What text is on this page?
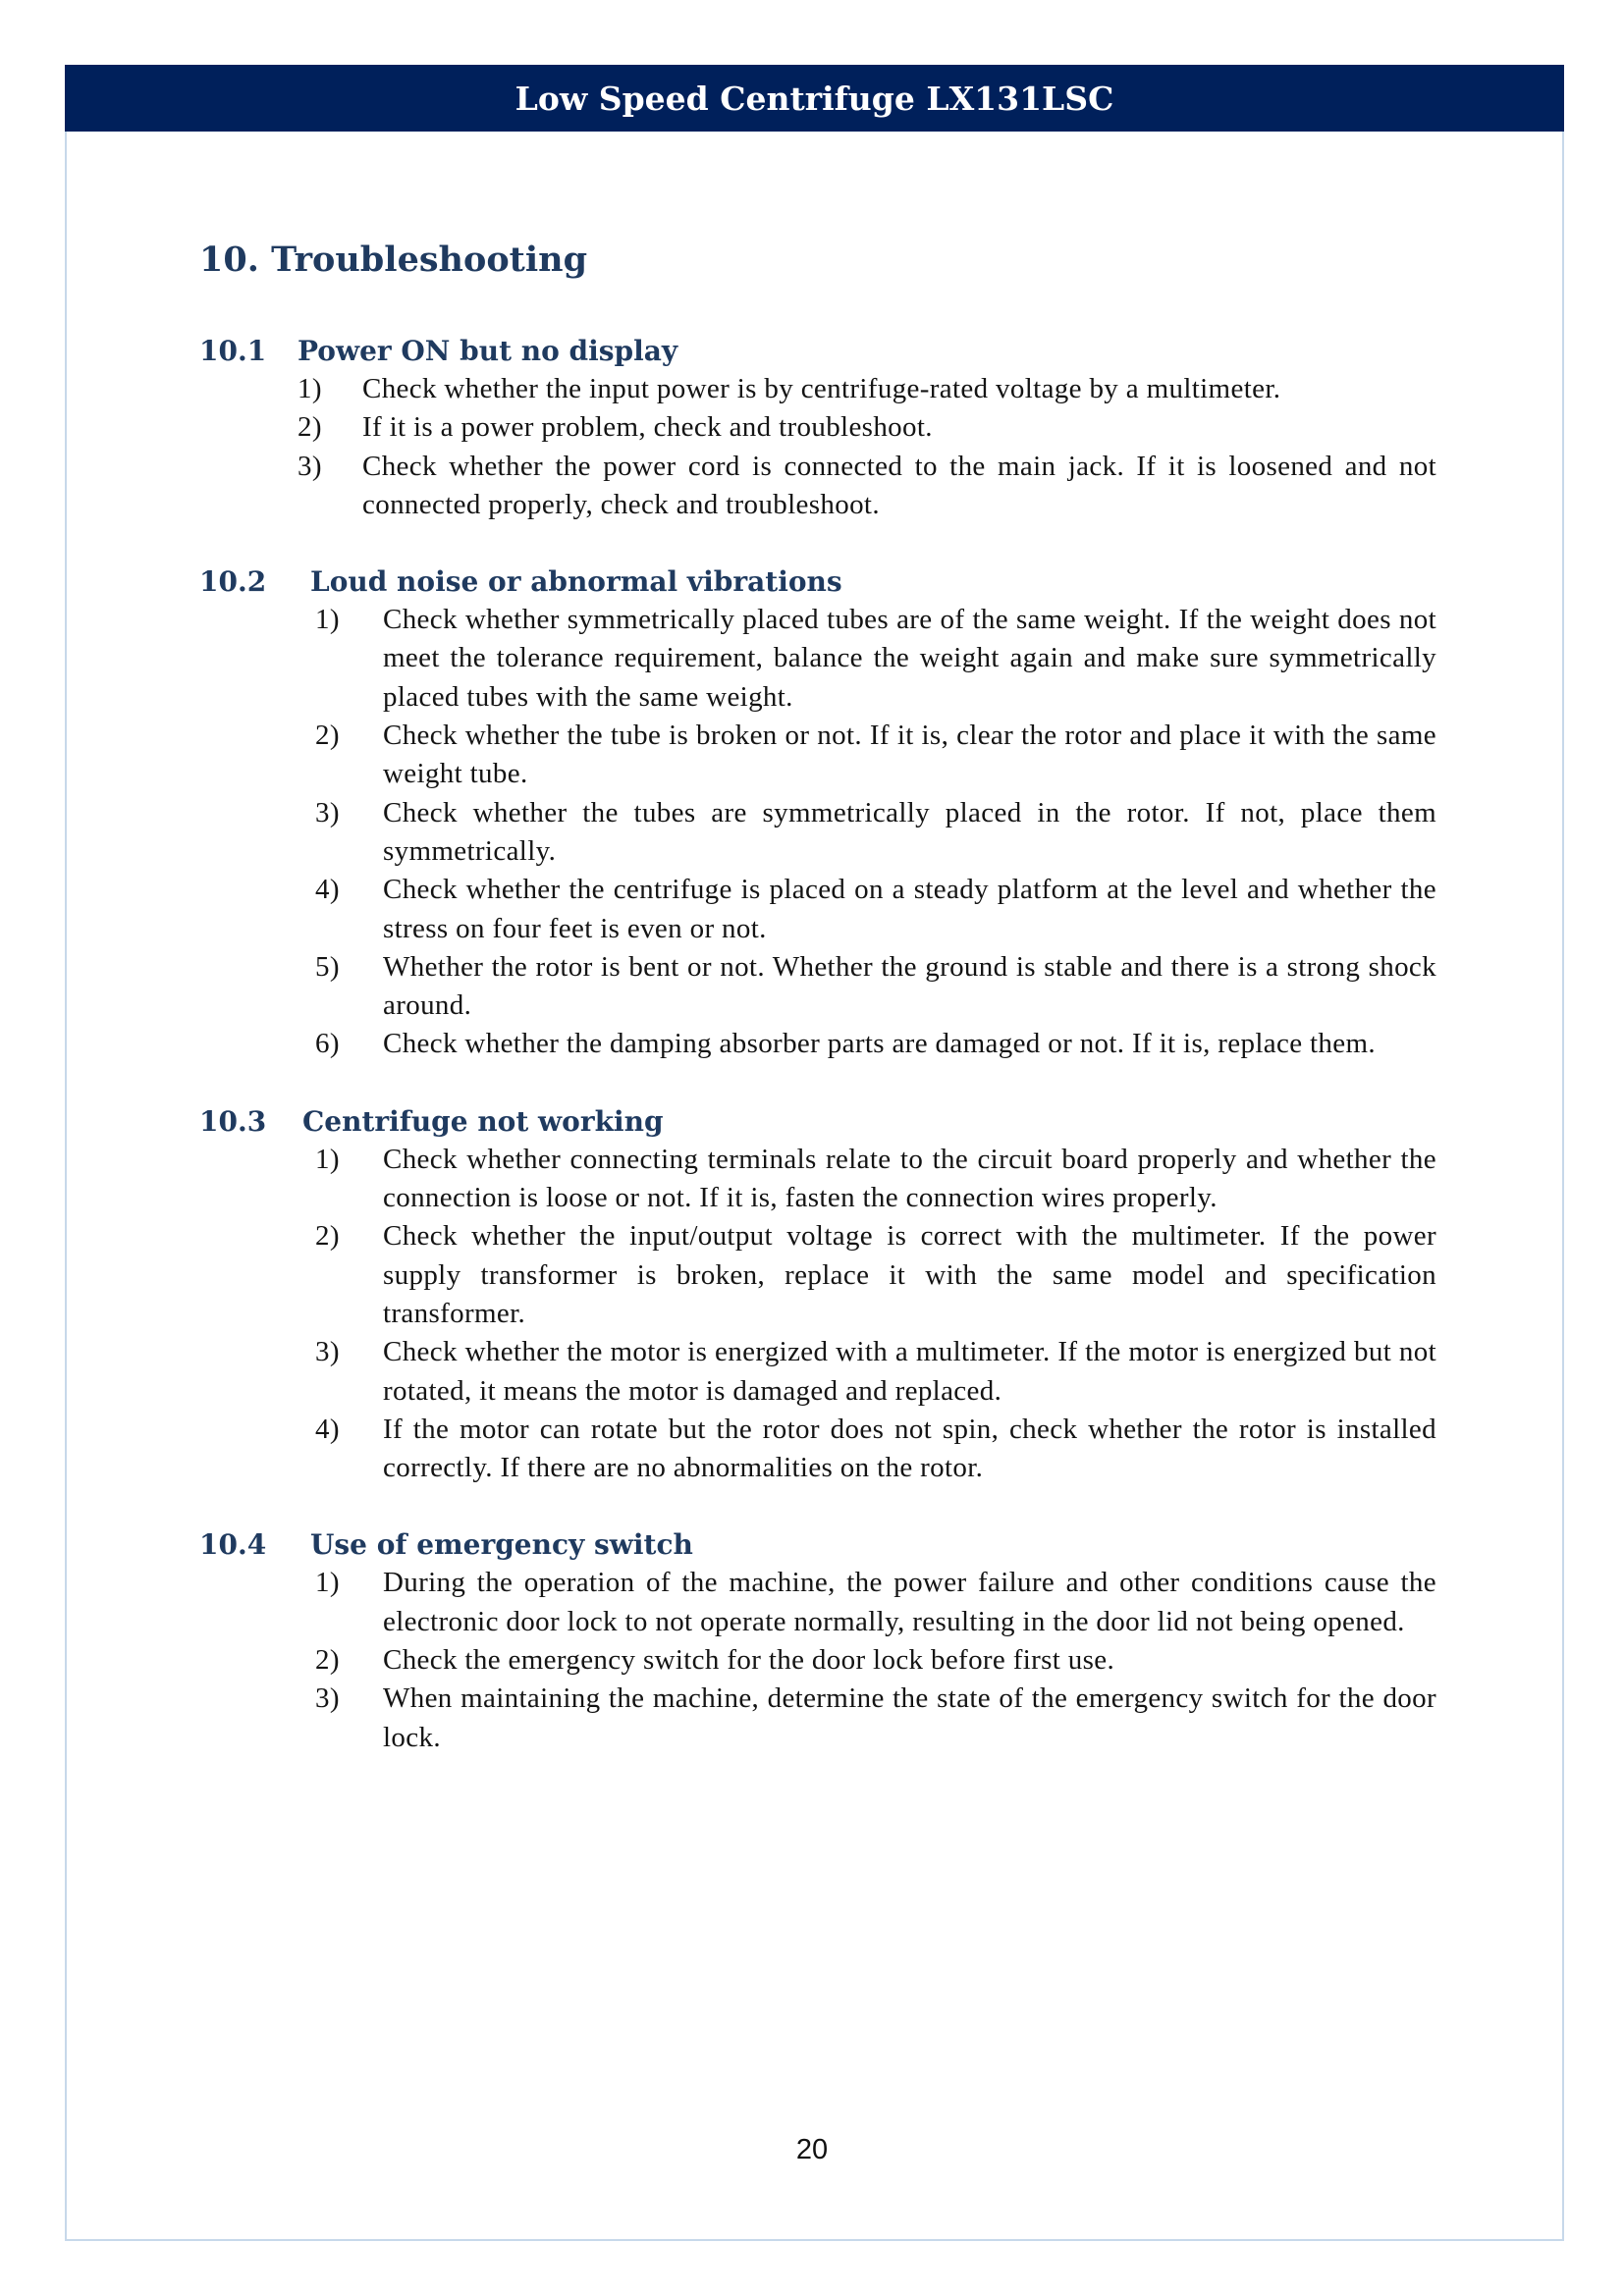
Low Speed Centrifuge LX131LSC
10. Troubleshooting
10.1	Power ON but no display
1)	Check whether the input power is by centrifuge-rated voltage by a multimeter.
2)	If it is a power problem, check and troubleshoot.
3)	Check whether the power cord is connected to the main jack. If it is loosened and not connected properly, check and troubleshoot.
10.2	Loud noise or abnormal vibrations
1)	Check whether symmetrically placed tubes are of the same weight. If the weight does not meet the tolerance requirement, balance the weight again and make sure symmetrically placed tubes with the same weight.
2)	Check whether the tube is broken or not. If it is, clear the rotor and place it with the same weight tube.
3)	Check whether the tubes are symmetrically placed in the rotor. If not, place them symmetrically.
4)	Check whether the centrifuge is placed on a steady platform at the level and whether the stress on four feet is even or not.
5)	Whether the rotor is bent or not. Whether the ground is stable and there is a strong shock around.
6)	Check whether the damping absorber parts are damaged or not. If it is, replace them.
10.3	Centrifuge not working
1)	Check whether connecting terminals relate to the circuit board properly and whether the connection is loose or not. If it is, fasten the connection wires properly.
2)	Check whether the input/output voltage is correct with the multimeter. If the power supply transformer is broken, replace it with the same model and specification transformer.
3)	Check whether the motor is energized with a multimeter. If the motor is energized but not rotated, it means the motor is damaged and replaced.
4)	If the motor can rotate but the rotor does not spin, check whether the rotor is installed correctly. If there are no abnormalities on the rotor.
10.4	Use of emergency switch
1)	During the operation of the machine, the power failure and other conditions cause the electronic door lock to not operate normally, resulting in the door lid not being opened.
2)	Check the emergency switch for the door lock before first use.
3)	When maintaining the machine, determine the state of the emergency switch for the door lock.
20
